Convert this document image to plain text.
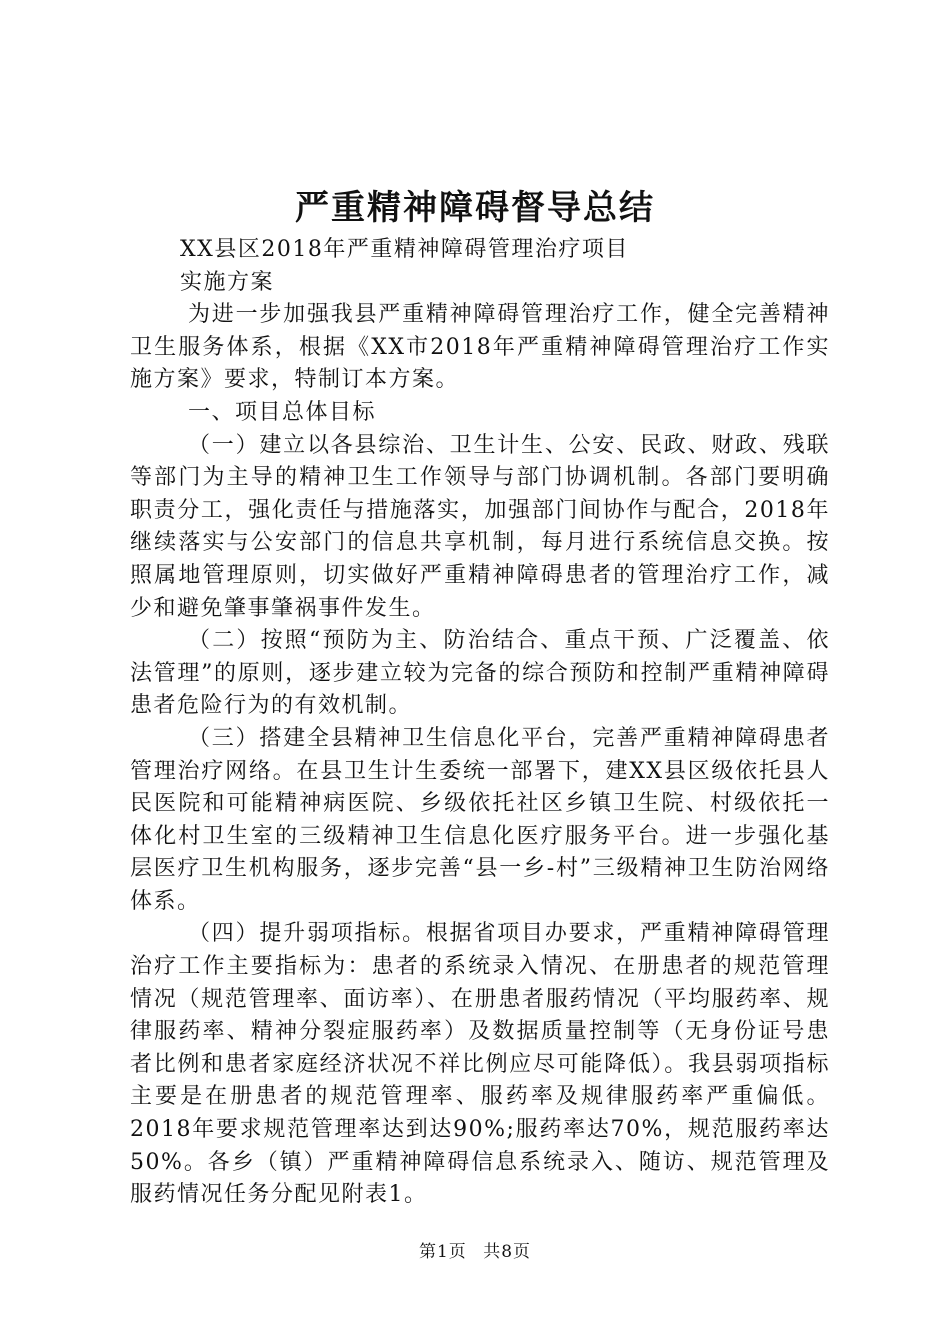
严重精神障碍督导总结

XX县区2018年严重精神障碍管理治疗项目

实施方案

为进一步加强我县严重精神障碍管理治疗工作，健全完善精神卫生服务体系，根据《XX市2018年严重精神障碍管理治疗工作实施方案》要求，特制订本方案。

一、项目总体目标

（一）建立以各县综治、卫生计生、公安、民政、财政、残联等部门为主导的精神卫生工作领导与部门协调机制。各部门要明确职责分工，强化责任与措施落实，加强部门间协作与配合，2018年继续落实与公安部门的信息共享机制，每月进行系统信息交换。按照属地管理原则，切实做好严重精神障碍患者的管理治疗工作，减少和避免肇事肇祸事件发生。

（二）按照“预防为主、防治结合、重点干预、广泛覆盖、依法管理”的原则，逐步建立较为完备的综合预防和控制严重精神障碍患者危险行为的有效机制。

（三）搭建全县精神卫生信息化平台，完善严重精神障碍患者管理治疗网络。在县卫生计生委统一部署下，建XX县区级依托县人民医院和可能精神病医院、乡级依托社区乡镇卫生院、村级依托一体化村卫生室的三级精神卫生信息化医疗服务平台。进一步强化基层医疗卫生机构服务，逐步完善“县一乡-村”三级精神卫生防治网络体系。

（四）提升弱项指标。根据省项目办要求，严重精神障碍管理治疗工作主要指标为：患者的系统录入情况、在册患者的规范管理情况（规范管理率、面访率）、在册患者服药情况（平均服药率、规律服药率、精神分裂症服药率）及数据质量控制等（无身份证号患者比例和患者家庭经济状况不祥比例应尽可能降低）。我县弱项指标主要是在册患者的规范管理率、服药率及规律服药率严重偏低。2018年要求规范管理率达到达90%;服药率达70%，规范服药率达50%。各乡（镇）严重精神障碍信息系统录入、随访、规范管理及服药情况任务分配见附表1。

第1页 共8页
